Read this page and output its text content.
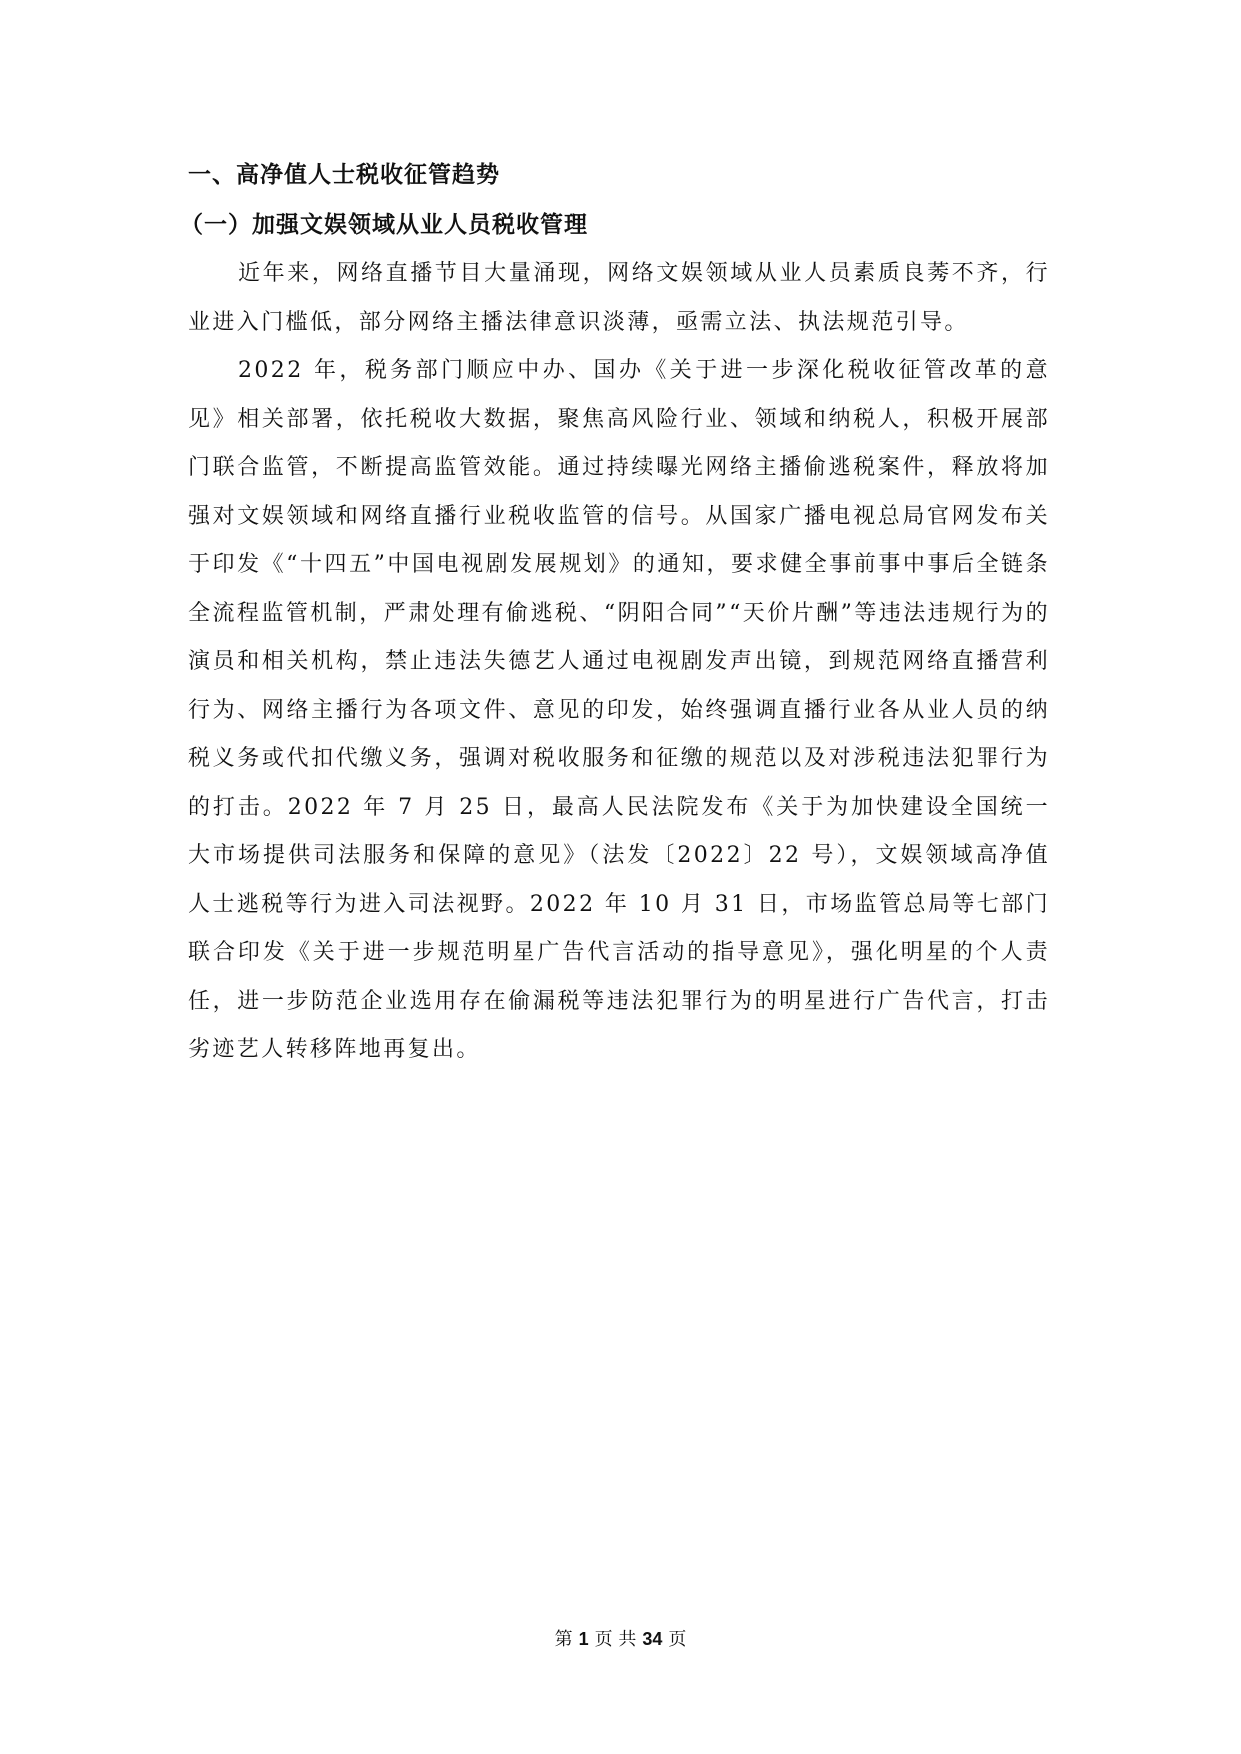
一、高净值人士税收征管趋势
（一）加强文娱领域从业人员税收管理

近年来，网络直播节目大量涌现，网络文娱领域从业人员素质良莠不齐，行业进入门槛低，部分网络主播法律意识淡薄，亟需立法、执法规范引导。

2022 年，税务部门顺应中办、国办《关于进一步深化税收征管改革的意见》相关部署，依托税收大数据，聚焦高风险行业、领域和纳税人，积极开展部门联合监管，不断提高监管效能。通过持续曝光网络主播偷逃税案件，释放将加强对文娱领域和网络直播行业税收监管的信号。从国家广播电视总局官网发布关于印发《“十四五”中国电视剧发展规划》的通知，要求健全事前事中事后全链条全流程监管机制，严肃处理有偷逃税、“阴阳合同”“天价片酬”等违法违规行为的演员和相关机构，禁止违法失德艺人通过电视剧发声出镜，到规范网络直播营利行为、网络主播行为各项文件、意见的印发，始终强调直播行业各从业人员的纳税义务或代扣代缴义务，强调对税收服务和征缴的规范以及对涉税违法犯罪行为的打击。2022 年 7 月 25 日，最高人民法院发布《关于为加快建设全国统一大市场提供司法服务和保障的意见》（法发〔2022〕22 号），文娱领域高净值人士逃税等行为进入司法视野。2022 年 10 月 31 日，市场监管总局等七部门联合印发《关于进一步规范明星广告代言活动的指导意见》，强化明星的个人责任，进一步防范企业选用存在偷漏税等违法犯罪行为的明星进行广告代言，打击劣迹艺人转移阵地再复出。

第 1 页 共 34 页
